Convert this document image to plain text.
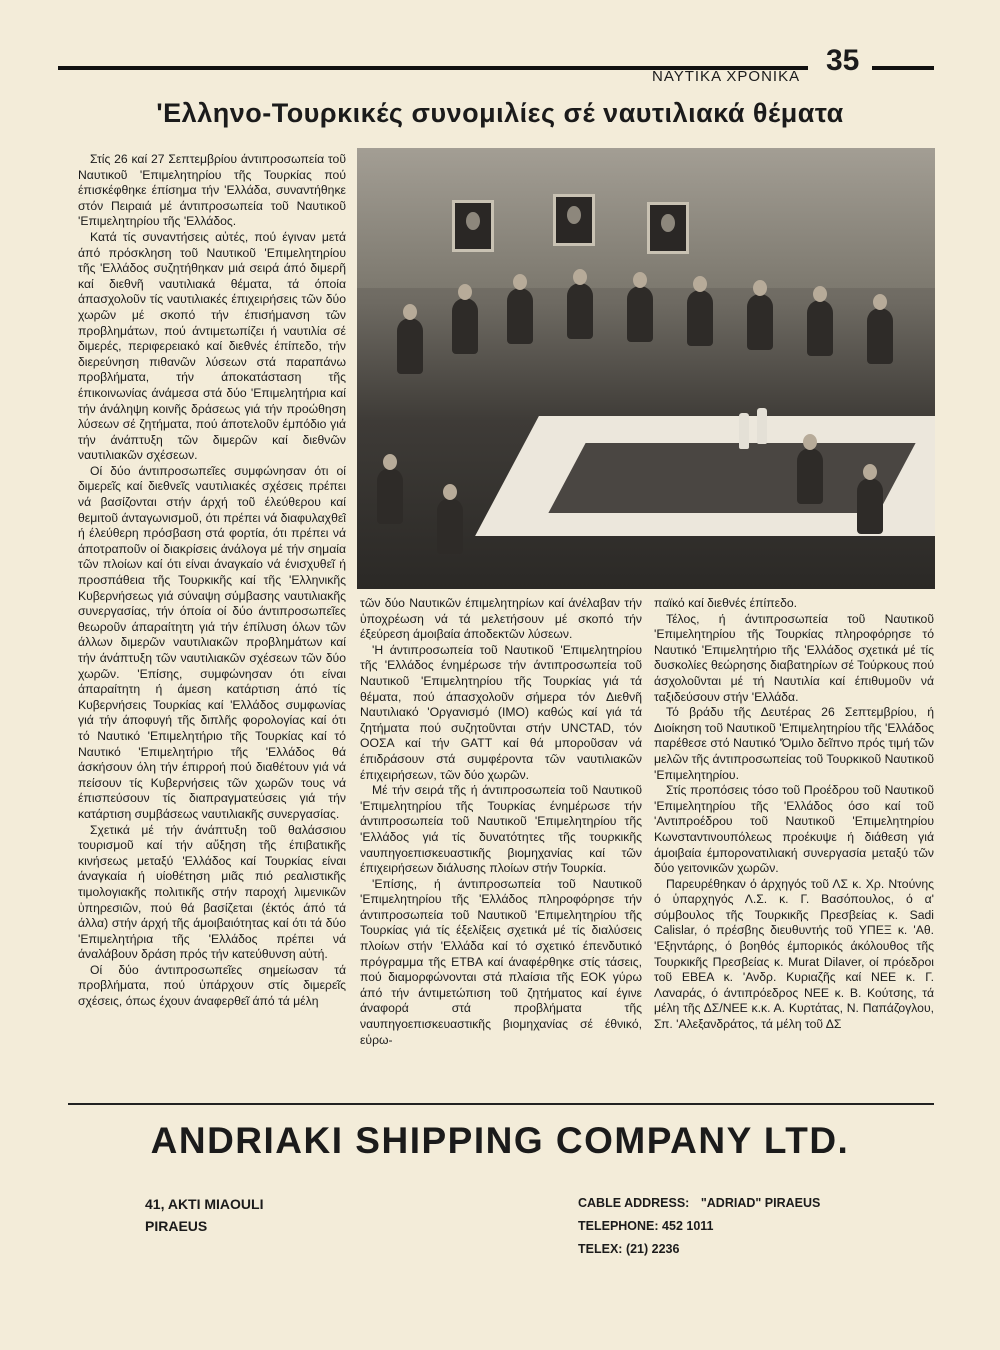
ΝΑΥΤΙΚΑ ΧΡΟΝΙΚΑ 35
'Ελληνο-Τουρκικές συνομιλίες σέ ναυτιλιακά θέματα

Στίς 26 καί 27 Σεπτεμβρίου άντιπροσωπεία τοῦ Ναυτικοῦ 'Επιμελητηρίου τῆς Τουρκίας πού έπισκέφθηκε έπίσημα τήν 'Ελλάδα, συναντήθηκε στόν Πειραιά μέ άντιπροσωπεία τοῦ Ναυτικοῦ 'Επιμελητηρίου τῆς 'Ελλάδος.

Κατά τίς συναντήσεις αὐτές, πού έγιναν μετά άπό πρόσκληση τοῦ Ναυτικοῦ 'Επιμελητηρίου τῆς 'Ελλάδος συζητήθηκαν μιά σειρά άπό διμερῆ καί διεθνῆ ναυτιλιακά θέματα, τά όποία άπασχολοῦν τίς ναυτιλιακές έπιχειρήσεις τῶν δύο χωρῶν μέ σκοπό τήν έπισήμανση τῶν προβλημάτων, πού άντιμετωπίζει ή ναυτιλία σέ διμερές, περιφερειακό καί διεθνές έπίπεδο, τήν διερεύνηση πιθανῶν λύσεων στά παραπάνω προβλήματα, τήν άποκατάσταση τῆς έπικοινωνίας άνάμεσα στά δύο 'Επιμελητήρια καί τήν άνάληψη κοινῆς δράσεως γιά τήν προώθηση λύσεων σέ ζητήματα, πού άποτελοῦν έμπόδιο γιά τήν άνάπτυξη τῶν διμερῶν καί διεθνῶν ναυτιλιακῶν σχέσεων.

Οί δύο άντιπροσωπεῖες συμφώνησαν ότι οί διμερεῖς καί διεθνεῖς ναυτιλιακές σχέσεις πρέπει νά βασίζονται στήν άρχή τοῦ έλεύθερου καί θεμιτοῦ άνταγωνισμοῦ, ότι πρέπει νά διαφυλαχθεῖ ή έλεύθερη πρόσβαση στά φορτία, ότι πρέπει νά άποτραποῦν οί διακρίσεις άνάλογα μέ τήν σημαία τῶν πλοίων καί ότι είναι άναγκαίο νά ένισχυθεῖ ή προσπάθεια τῆς Τουρκικῆς καί τῆς 'Ελληνικῆς Κυβερνήσεως γιά σύναψη σύμβασης ναυτιλιακῆς συνεργασίας, τήν όποία οί δύο άντιπροσωπεῖες θεωροῦν άπαραίτητη γιά τήν έπίλυση όλων τῶν άλλων διμερῶν ναυτιλιακῶν προβλημάτων καί τήν άνάπτυξη τῶν ναυτιλιακῶν σχέσεων τῶν δύο χωρῶν. 'Επίσης, συμφώνησαν ότι είναι άπαραίτητη ή άμεση κατάρτιση άπό τίς Κυβερνήσεις Τουρκίας καί 'Ελλάδος συμφωνίας γιά τήν άποφυγή τῆς διπλῆς φορολογίας καί ότι τό Ναυτικό 'Επιμελητήριο τῆς Τουρκίας καί τό Ναυτικό 'Επιμελητήριο τῆς 'Ελλάδος θά άσκήσουν όλη τήν έπιρροή πού διαθέτουν γιά νά πείσουν τίς Κυβερνήσεις τῶν χωρῶν τους νά έπισπεύσουν τίς διαπραγματεύσεις γιά τήν κατάρτιση συμβάσεως ναυτιλιακῆς συνεργασίας.

Σχετικά μέ τήν άνάπτυξη τοῦ θαλάσσιου τουρισμοῦ καί τήν αὔξηση τῆς έπιβατικῆς κινήσεως μεταξύ 'Ελλάδος καί Τουρκίας είναι άναγκαία ή υίοθέτηση μιᾶς πιό ρεαλιστικῆς τιμολογιακῆς πολιτικῆς στήν παροχή λιμενικῶν ὑπηρεσιῶν, πού θά βασίζεται (έκτός άπό τά άλλα) στήν άρχή τῆς άμοιβαιότητας καί ότι τά δύο 'Επιμελητήρια τῆς 'Ελλάδος πρέπει νά άναλάβουν δράση πρός τήν κατεύθυνση αὐτή.

Οί δύο άντιπροσωπεῖες σημείωσαν τά προβλήματα, πού ὑπάρχουν στίς διμερεῖς σχέσεις, όπως έχουν άναφερθεῖ άπό τά μέλη

τῶν δύο Ναυτικῶν έπιμελητηρίων καί άνέλαβαν τήν ὑποχρέωση νά τά μελετήσουν μέ σκοπό τήν έξεύρεση άμοιβαία άποδεκτῶν λύσεων.

'Η άντιπροσωπεία τοῦ Ναυτικοῦ 'Επιμελητηρίου τῆς 'Ελλάδος ένημέρωσε τήν άντιπροσωπεία τοῦ Ναυτικοῦ 'Επιμελητηρίου τῆς Τουρκίας γιά τά θέματα, πού άπασχολοῦν σήμερα τόν Διεθνῆ Ναυτιλιακό 'Οργανισμό (ΙΜΟ) καθώς καί γιά τά ζητήματα πού συζητοῦνται στήν UNCTAD, τόν ΟΟΣΑ καί τήν GATT καί θά μποροῦσαν νά έπιδράσουν στά συμφέροντα τῶν ναυτιλιακῶν έπιχειρήσεων, τῶν δύο χωρῶν.

Μέ τήν σειρά τῆς ή άντιπροσωπεία τοῦ Ναυτικοῦ 'Επιμελητηρίου τῆς Τουρκίας ένημέρωσε τήν άντιπροσωπεία τοῦ Ναυτικοῦ 'Επιμελητηρίου τῆς 'Ελλάδος γιά τίς δυνατότητες τῆς τουρκικῆς ναυπηγοεπισκευαστικῆς βιομηχανίας καί τῶν έπιχειρήσεων διάλυσης πλοίων στήν Τουρκία.

'Επίσης, ή άντιπροσωπεία τοῦ Ναυτικοῦ 'Επιμελητηρίου τῆς 'Ελλάδος πληροφόρησε τήν άντιπροσωπεία τοῦ Ναυτικοῦ 'Επιμελητηρίου τῆς Τουρκίας γιά τίς έξελίξεις σχετικά μέ τίς διαλύσεις πλοίων στήν 'Ελλάδα καί τό σχετικό έπενδυτικό πρόγραμμα τῆς ΕΤΒΑ καί άναφέρθηκε στίς τάσεις, πού διαμορφώνονται στά πλαίσια τῆς ΕΟΚ γύρω άπό τήν άντιμετώπιση τοῦ ζητήματος καί έγινε άναφορά στά προβλήματα τῆς ναυπηγοεπισκευαστικῆς βιομηχανίας σέ έθνικό, εὐρω-

παϊκό καί διεθνές έπίπεδο.

Τέλος, ή άντιπροσωπεία τοῦ Ναυτικοῦ 'Επιμελητηρίου τῆς Τουρκίας πληροφόρησε τό Ναυτικό 'Επιμελητήριο τῆς 'Ελλάδος σχετικά μέ τίς δυσκολίες θεώρησης διαβατηρίων σέ Τούρκους πού άσχολοῦνται μέ τή Ναυτιλία καί έπιθυμοῦν νά ταξιδεύσουν στήν 'Ελλάδα.

Τό βράδυ τῆς Δευτέρας 26 Σεπτεμβρίου, ή Διοίκηση τοῦ Ναυτικοῦ 'Επιμελητηρίου τῆς 'Ελλάδος παρέθεσε στό Ναυτικό 'Όμιλο δεῖπνο πρός τιμή τῶν μελῶν τῆς άντιπροσωπείας τοῦ Τουρκικοῦ Ναυτικοῦ 'Επιμελητηρίου.

Στίς προπόσεις τόσο τοῦ Προέδρου τοῦ Ναυτικοῦ 'Επιμελητηρίου τῆς 'Ελλάδος όσο καί τοῦ 'Αντιπροέδρου τοῦ Ναυτικοῦ 'Επιμελητηρίου Κωνσταντινουπόλεως προέκυψε ή διάθεση γιά άμοιβαία έμπορονατιλιακή συνεργασία μεταξύ τῶν δύο γειτονικῶν χωρῶν.

Παρευρέθηκαν ό άρχηγός τοῦ ΛΣ κ. Χρ. Ντούνης ό ὑπαρχηγός Λ.Σ. κ. Γ. Βασόπουλος, ό α' σύμβουλος τῆς Τουρκικῆς Πρεσβείας κ. Sadi Calislar, ό πρέσβης διευθυντής τοῦ ΥΠΕΞ κ. 'Αθ. 'Εξηντάρης, ό βοηθός έμπορικός άκόλουθος τῆς Τουρκικῆς Πρεσβείας κ. Murat Dilaver, οί πρόεδροι τοῦ ΕΒΕΑ κ. 'Ανδρ. Κυριαζῆς καί ΝΕΕ κ. Γ. Λαναράς, ό άντιπρόεδρος ΝΕΕ κ. Β. Κούτσης, τά μέλη τῆς ΔΣ/ΝΕΕ κ.κ. Α. Κυρτάτας, Ν. Παπάζογλου, Σπ. 'Αλεξανδράτος, τά μέλη τοῦ ΔΣ

ANDRIAKI SHIPPING COMPANY LTD.
41, AKTI MIAOULI
PIRAEUS
CABLE ADDRESS: "ADRIAD" PIRAEUS
TELEPHONE: 452 1011
TELEX: (21) 2236
